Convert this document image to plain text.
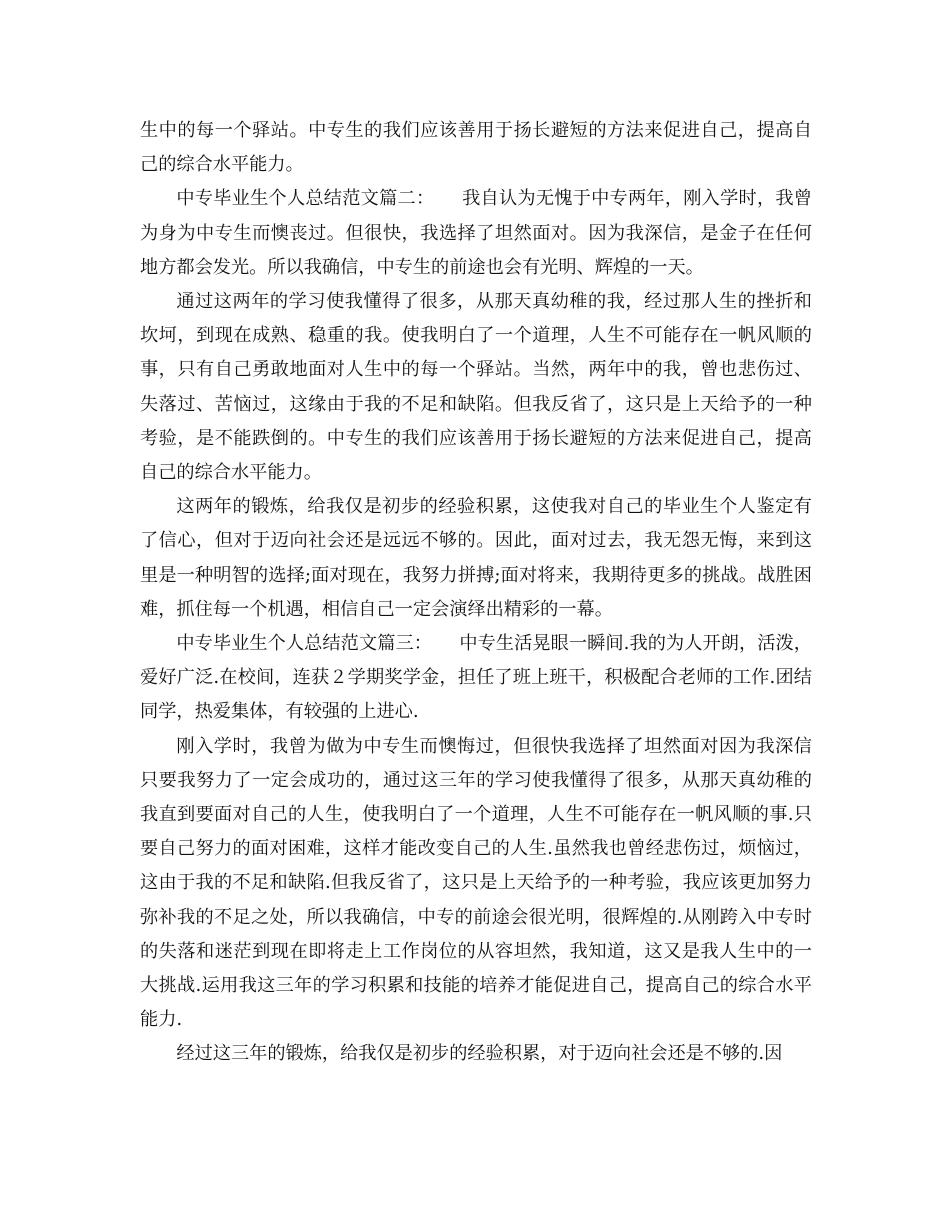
生中的每一个驿站。中专生的我们应该善用于扬长避短的方法来促进自己，提高自己的综合水平能力。

中专毕业生个人总结范文篇二：　　我自认为无愧于中专两年，刚入学时，我曾为身为中专生而懊丧过。但很快，我选择了坦然面对。因为我深信，是金子在任何地方都会发光。所以我确信，中专生的前途也会有光明、辉煌的一天。

通过这两年的学习使我懂得了很多，从那天真幼稚的我，经过那人生的挫折和坎坷，到现在成熟、稳重的我。使我明白了一个道理，人生不可能存在一帆风顺的事，只有自己勇敢地面对人生中的每一个驿站。当然，两年中的我，曾也悲伤过、失落过、苦恼过，这缘由于我的不足和缺陷。但我反省了，这只是上天给予的一种考验，是不能跌倒的。中专生的我们应该善用于扬长避短的方法来促进自己，提高自己的综合水平能力。

这两年的锻炼，给我仅是初步的经验积累，这使我对自己的毕业生个人鉴定有了信心，但对于迈向社会还是远远不够的。因此，面对过去，我无怨无悔，来到这里是一种明智的选择;面对现在，我努力拼搏;面对将来，我期待更多的挑战。战胜困难，抓住每一个机遇，相信自己一定会演绎出精彩的一幕。

中专毕业生个人总结范文篇三：　　中专生活晃眼一瞬间.我的为人开朗，活泼，爱好广泛.在校间，连获２学期奖学金，担任了班上班干，积极配合老师的工作.团结同学，热爱集体，有较强的上进心.

刚入学时，我曾为做为中专生而懊悔过，但很快我选择了坦然面对因为我深信只要我努力了一定会成功的，通过这三年的学习使我懂得了很多，从那天真幼稚的我直到要面对自己的人生，使我明白了一个道理，人生不可能存在一帆风顺的事.只要自己努力的面对困难，这样才能改变自己的人生.虽然我也曾经悲伤过，烦恼过，这由于我的不足和缺陷.但我反省了，这只是上天给予的一种考验，我应该更加努力弥补我的不足之处，所以我确信，中专的前途会很光明，很辉煌的.从刚跨入中专时的失落和迷茫到现在即将走上工作岗位的从容坦然，我知道，这又是我人生中的一大挑战.运用我这三年的学习积累和技能的培养才能促进自己，提高自己的综合水平能力.

经过这三年的锻炼，给我仅是初步的经验积累，对于迈向社会还是不够的.因
